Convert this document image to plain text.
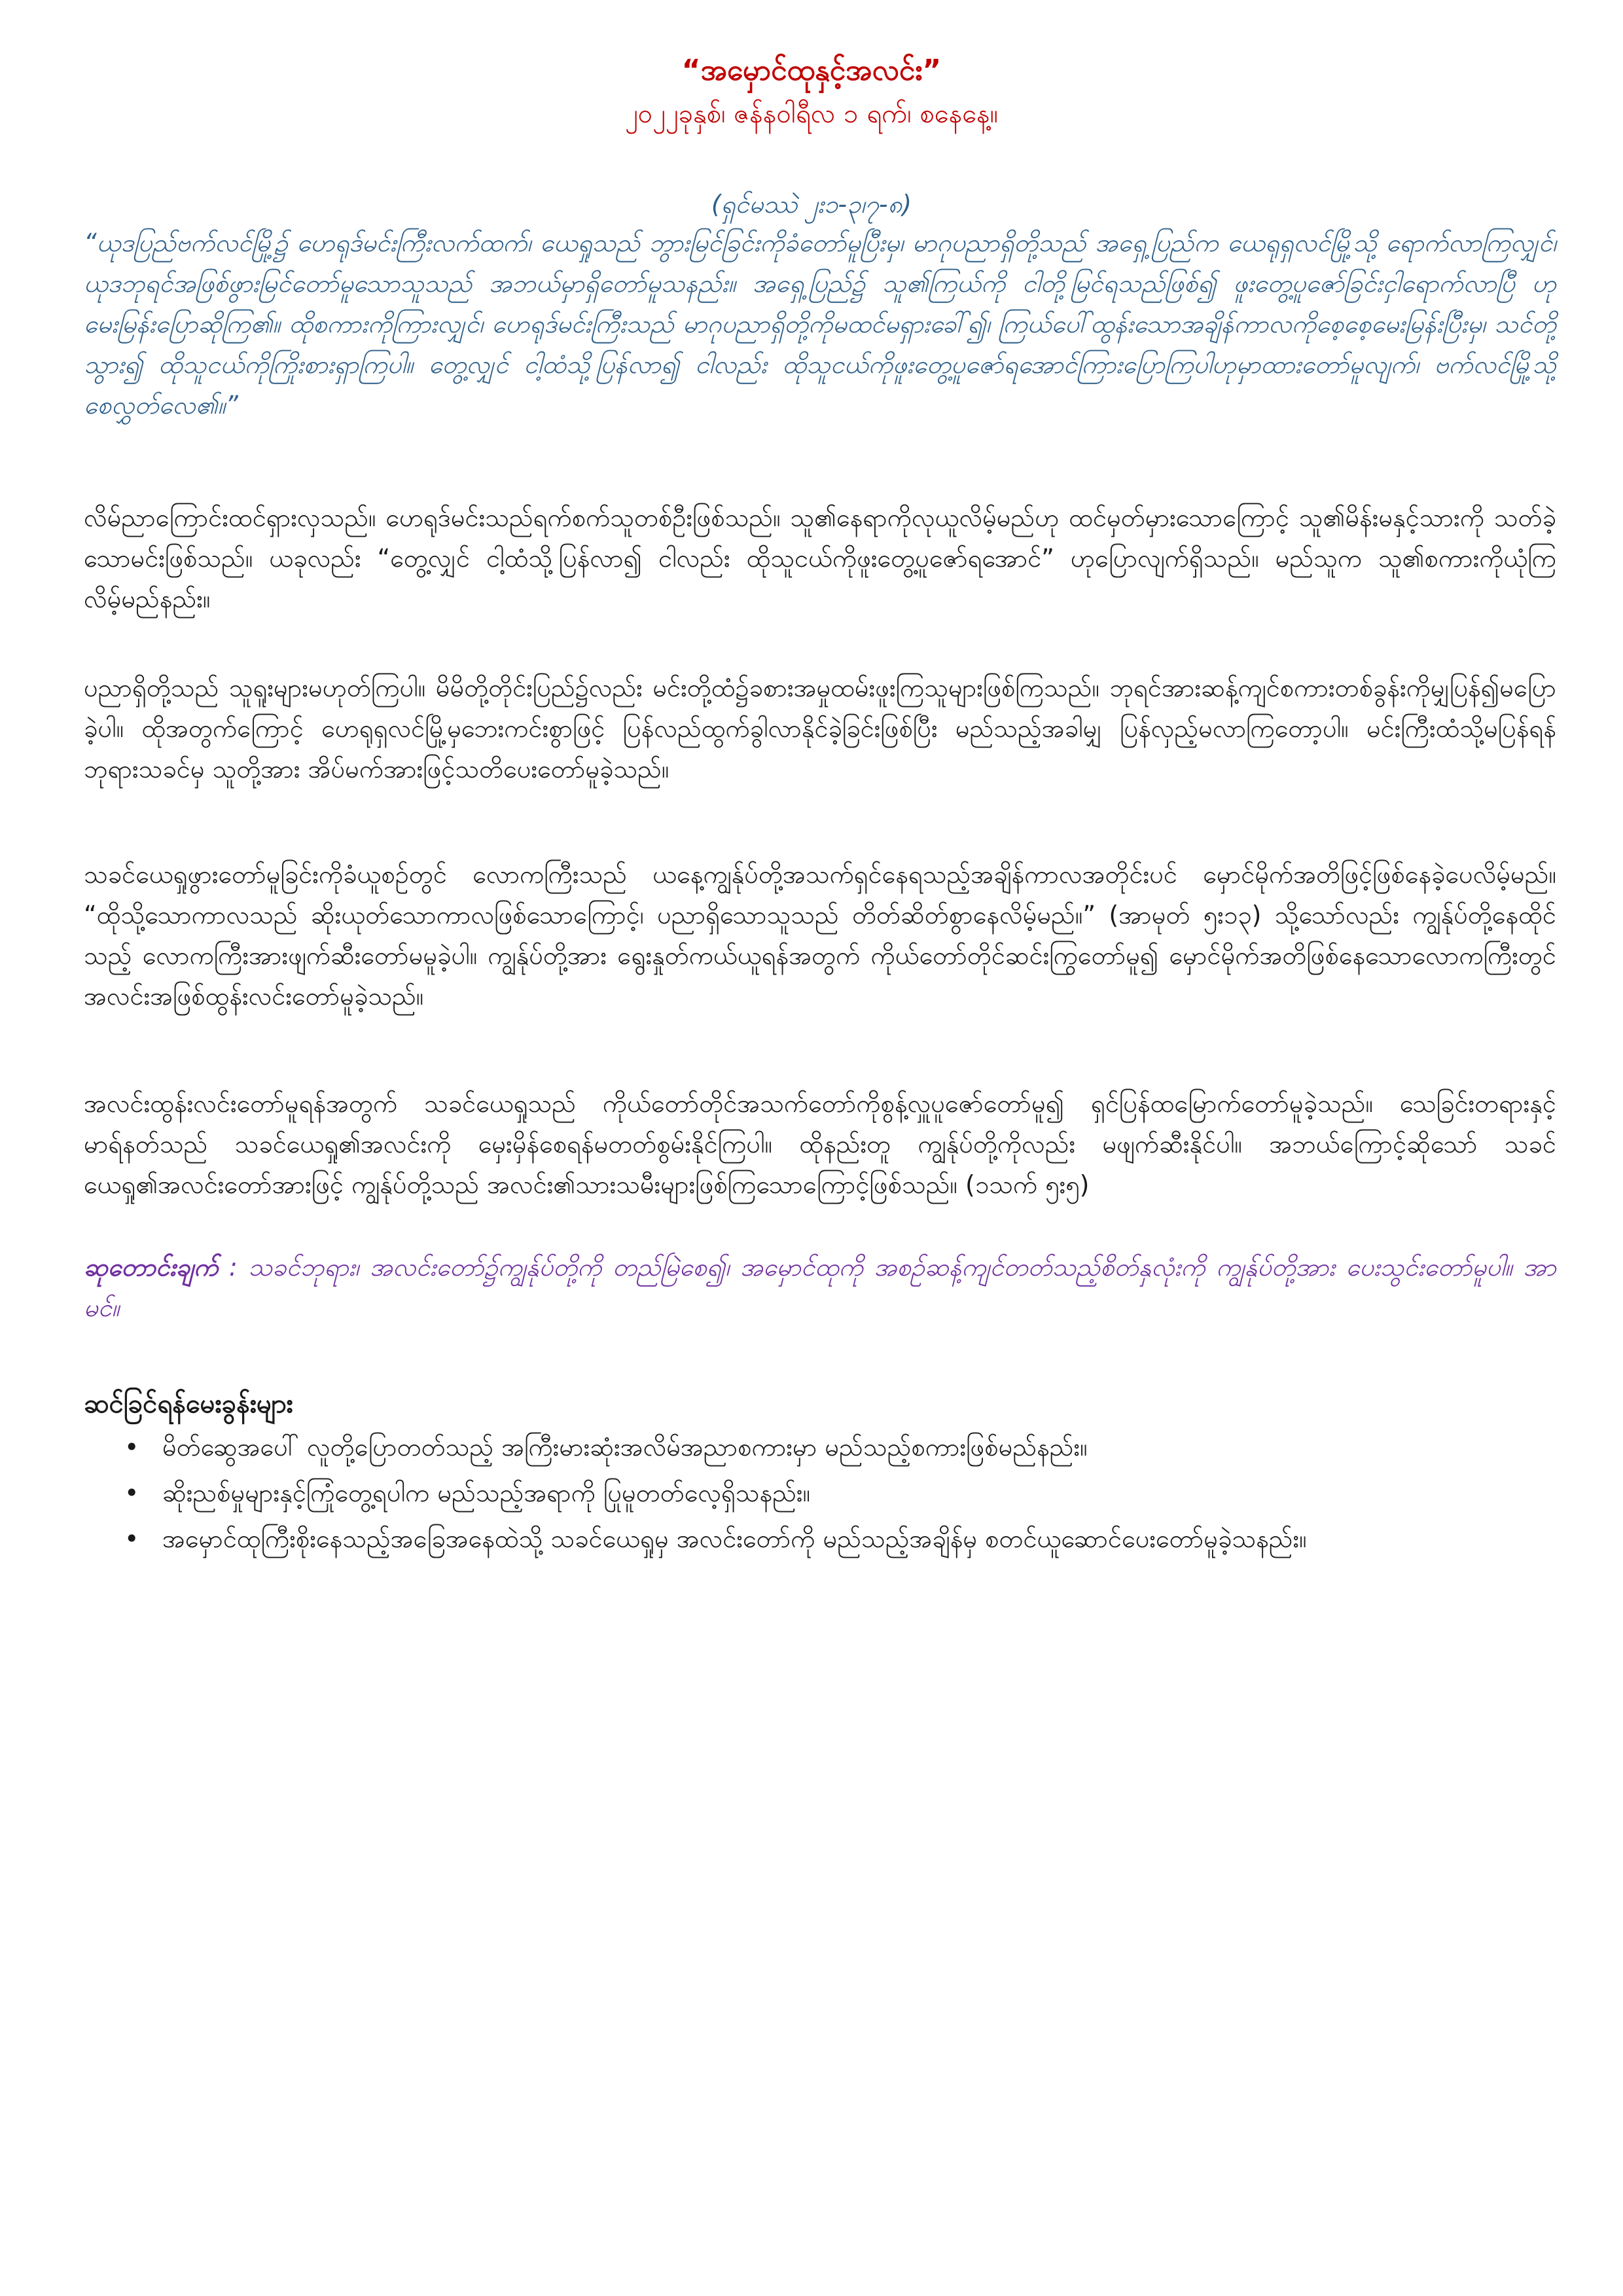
“အမှောင်ထုနှင့်အလင်း”
၂၀၂၂ခုနှစ်၊ ဇန်နဝါရီလ ၁ ရက်၊ စနေနေ့။
(ရှင်မဿဲ ၂း၁-၃၊၇-၈)

“ယုဒပြည်ဗက်လင်မြို့၌ ဟေရုဒ်မင်းကြီးလက်ထက်၊ ယေရှုသည် ဘွားမြင်ခြင်းကိုခံတော်မူပြီးမှ၊ မာဂုပညာရှိတို့သည် အရှေ့ပြည်က ယေရုရှလင်မြို့သို့ ရောက်လာကြလျှင်၊ ယုဒဘုရင်အဖြစ်ဖွားမြင်တော်မူသောသူသည် အဘယ်မှာရှိတော်မူသနည်း။ အရှေ့ပြည်၌ သူ၏ကြယ်ကို ငါတို့မြင်ရသည်ဖြစ်၍ ဖူးတွေ့ပူဇော်ခြင်းငှါရောက်လာပြီ ဟုမေးမြန်းပြောဆိုကြ၏။ ထိုစကားကိုကြားလျှင်၊ ဟေရုဒ်မင်းကြီးသည် မာဂုပညာရှိတို့ကိုမထင်မရှားခေါ်၍၊ ကြယ်ပေါ်ထွန်းသောအချိန်ကာလကိုစေ့စေ့မေးမြန်းပြီးမှ၊ သင်တို့သွား၍ ထိုသူငယ်ကိုကြိုးစားရှာကြပါ။ တွေ့လျှင် ငါ့ထံသို့ပြန်လာ၍ ငါလည်း ထိုသူငယ်ကိုဖူးတွေ့ပူဇော်ရအောင်ကြားပြောကြပါဟုမှာထားတော်မူလျက်၊ ဗက်လင်မြို့သို့စေလွှတ်လေ၏။”

လိမ်ညာကြောင်းထင်ရှားလှသည်။ ဟေရုဒ်မင်းသည်ရက်စက်သူတစ်ဦးဖြစ်သည်။ သူ၏နေရာကိုလုယူလိမ့်မည်ဟု ထင်မှတ်မှားသောကြောင့် သူ၏မိန်းမနှင့်သားကို သတ်ခဲ့သောမင်းဖြစ်သည်။ ယခုလည်း “တွေ့လျှင် ငါ့ထံသို့ပြန်လာ၍ ငါလည်း ထိုသူငယ်ကိုဖူးတွေ့ပူဇော်ရအောင်” ဟုပြောလျက်ရှိသည်။ မည်သူက သူ၏စကားကိုယုံကြလိမ့်မည်နည်း။

ပညာရှိတို့သည် သူရူးများမဟုတ်ကြပါ။ မိမိတို့တိုင်းပြည်၌လည်း မင်းတို့ထံ၌ခစားအမှုထမ်းဖူးကြသူများဖြစ်ကြသည်။ ဘုရင်အားဆန့်ကျင်စကားတစ်ခွန်းကိုမျှပြန်၍မပြောခဲ့ပါ။ ထိုအတွက်ကြောင့် ဟေရုရှလင်မြို့မှဘေးကင်းစွာဖြင့် ပြန်လည်ထွက်ခွါလာနိုင်ခဲ့ခြင်းဖြစ်ပြီး မည်သည့်အခါမျှ ပြန်လှည့်မလာကြတော့ပါ။ မင်းကြီးထံသို့မပြန်ရန် ဘုရားသခင်မှ သူတို့အား အိပ်မက်အားဖြင့်သတိပေးတော်မူခဲ့သည်။

သခင်ယေရှုဖွားတော်မူခြင်းကိုခံယူစဥ်တွင် လောကကြီးသည် ယနေ့ကျွန်ုပ်တို့အသက်ရှင်နေရသည့်အချိန်ကာလအတိုင်းပင် မှောင်မိုက်အတိဖြင့်ဖြစ်နေခဲ့ပေလိမ့်မည်။ “ထိုသို့သောကာလသည် ဆိုးယုတ်သောကာလဖြစ်သောကြောင့်၊ ပညာရှိသောသူသည် တိတ်ဆိတ်စွာနေလိမ့်မည်။” (အာမုတ် ၅း၁၃) သို့သော်လည်း ကျွန်ုပ်တို့နေထိုင်သည့် လောကကြီးအားဖျက်ဆီးတော်မမူခဲ့ပါ။ ကျွန်ုပ်တို့အား ရွေးနှုတ်ကယ်ယူရန်အတွက် ကိုယ်တော်တိုင်ဆင်းကြွတော်မူ၍ မှောင်မိုက်အတိဖြစ်နေသောလောကကြီးတွင် အလင်းအဖြစ်ထွန်းလင်းတော်မူခဲ့သည်။

အလင်းထွန်းလင်းတော်မူရန်အတွက် သခင်ယေရှုသည် ကိုယ်တော်တိုင်အသက်တော်ကိုစွန့်လှူပူဇော်တော်မူ၍ ရှင်ပြန်ထမြောက်တော်မူခဲ့သည်။ သေခြင်းတရားနှင့်မာရ်နတ်သည် သခင်ယေရှု၏အလင်းကို မှေးမှိန်စေရန်မတတ်စွမ်းနိုင်ကြပါ။ ထိုနည်းတူ ကျွန်ုပ်တို့ကိုလည်း မဖျက်ဆီးနိုင်ပါ။ အဘယ်ကြောင့်ဆိုသော် သခင်ယေရှု၏အလင်းတော်အားဖြင့် ကျွန်ုပ်တို့သည် အလင်း၏သားသမီးများဖြစ်ကြသောကြောင့်ဖြစ်သည်။ (၁သက် ၅း၅)

ဆုတောင်းချက် : သခင်ဘုရား၊ အလင်းတော်၌ကျွန်ုပ်တို့ကို တည်မြဲစေ၍၊ အမှောင်ထုကို အစဉ်ဆန့်ကျင်တတ်သည့်စိတ်နှလုံးကို ကျွန်ုပ်တို့အား ပေးသွင်းတော်မူပါ။ အာမင်။

ဆင်ခြင်ရန်မေးခွန်းများ
• မိတ်ဆွေအပေါ် လူတို့ပြောတတ်သည့် အကြီးမားဆုံးအလိမ်အညာစကားမှာ မည်သည့်စကားဖြစ်မည်နည်း။
• ဆိုးညစ်မှုများနှင့်ကြုံတွေ့ရပါက မည်သည့်အရာကို ပြုမူတတ်လေ့ရှိသနည်း။
• အမှောင်ထုကြီးစိုးနေသည့်အခြေအနေထဲသို့ သခင်ယေရှုမှ အလင်းတော်ကို မည်သည့်အချိန်မှ စတင်ယူဆောင်ပေးတော်မူခဲ့သနည်း။
